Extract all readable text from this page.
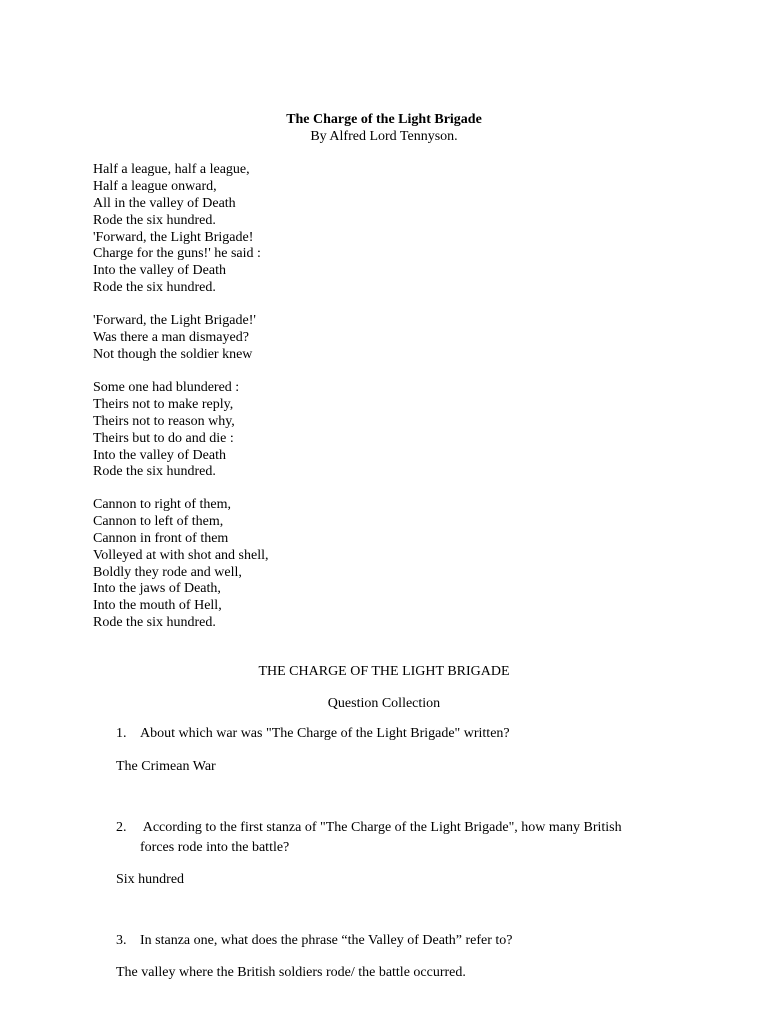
The Charge of the Light Brigade
By Alfred Lord Tennyson.
Half a league, half a league,
Half a league onward,
All in the valley of Death
Rode the six hundred.
'Forward, the Light Brigade!
Charge for the guns!' he said :
Into the valley of Death
Rode the six hundred.
'Forward, the Light Brigade!'
Was there a man dismayed?
Not though the soldier knew
Some one had blundered :
Theirs not to make reply,
Theirs not to reason why,
Theirs but to do and die :
Into the valley of Death
Rode the six hundred.
Cannon to right of them,
Cannon to left of them,
Cannon in front of them
Volleyed at with shot and shell,
Boldly they rode and well,
Into the jaws of Death,
Into the mouth of Hell,
Rode the six hundred.
THE CHARGE OF THE LIGHT BRIGADE
Question Collection
1. About which war was "The Charge of the Light Brigade" written?
The Crimean War
2. According to the first stanza of "The Charge of the Light Brigade", how many British
forces rode into the battle?
Six hundred
3. In stanza one, what does the phrase “the Valley of Death” refer to?
The valley where the British soldiers rode/ the battle occurred.
